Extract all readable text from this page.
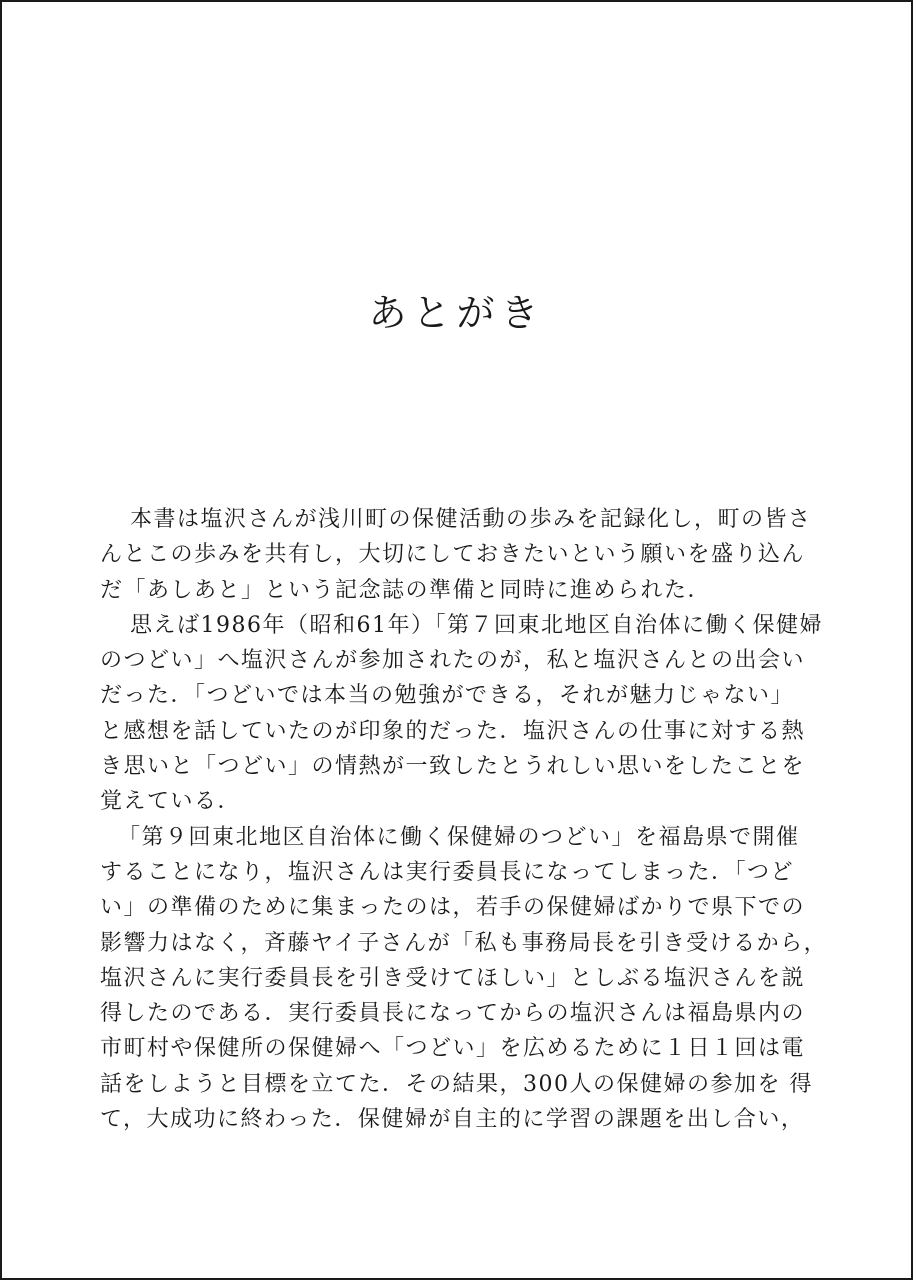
あとがき
本書は塩沢さんが浅川町の保健活動の歩みを記録化し，町の皆さ
んとこの歩みを共有し，大切にしておきたいという願いを盛り込ん
だ「あしあと」という記念誌の準備と同時に進められた．
思えば1986年（昭和61年）「第７回東北地区自治体に働く保健婦
のつどい」へ塩沢さんが参加されたのが，私と塩沢さんとの出会い
だった．「つどいでは本当の勉強ができる，それが魅力じゃない」
と感想を話していたのが印象的だった．塩沢さんの仕事に対する熱
き思いと「つどい」の情熱が一致したとうれしい思いをしたことを
覚えている．
「第９回東北地区自治体に働く保健婦のつどい」を福島県で開催
することになり，塩沢さんは実行委員長になってしまった．「つど
い」の準備のために集まったのは，若手の保健婦ばかりで県下での
影響力はなく，斉藤ヤイ子さんが「私も事務局長を引き受けるから，
塩沢さんに実行委員長を引き受けてほしい」としぶる塩沢さんを説
得したのである．実行委員長になってからの塩沢さんは福島県内の
市町村や保健所の保健婦へ「つどい」を広めるために１日１回は電
話をしようと目標を立てた．その結果，300人の保健婦の参加を 得
て，大成功に終わった．保健婦が自主的に学習の課題を出し合い，
